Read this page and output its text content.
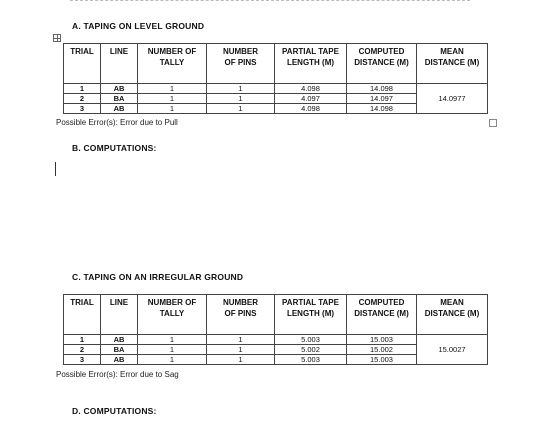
A. TAPING ON LEVEL GROUND
TRIAL	LINE	NUMBER OF TALLY	NUMBER OF PINS	PARTIAL TAPE LENGTH (M)	COMPUTED DISTANCE (M)	MEAN DISTANCE (M)
1	AB	1	1	4.098	14.098	14.0977
2	BA	1	1	4.097	14.097	
3	AB	1	1	4.098	14.098	
Possible Error(s): Error due to Pull
B. COMPUTATIONS:
C. TAPING ON AN IRREGULAR GROUND
TRIAL	LINE	NUMBER OF TALLY	NUMBER OF PINS	PARTIAL TAPE LENGTH (M)	COMPUTED DISTANCE (M)	MEAN DISTANCE (M)
1	AB	1	1	5.003	15.003	15.0027
2	BA	1	1	5.002	15.002	
3	AB	1	1	5.003	15.003	
Possible Error(s): Error due to Sag
D. COMPUTATIONS:
